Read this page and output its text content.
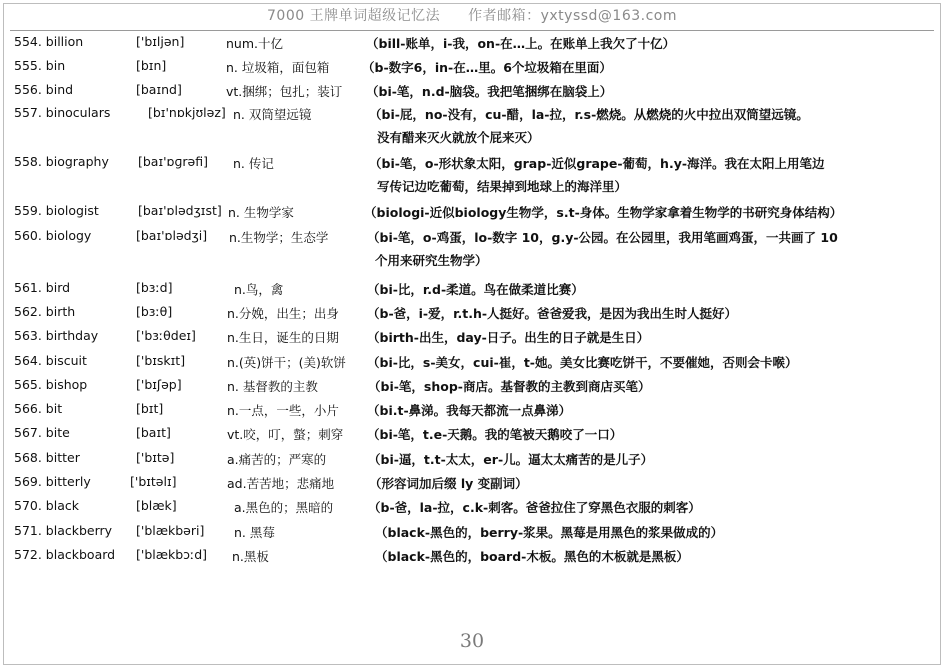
7000 王牌单词超级记忆法 作者邮箱：yxtyssd@163.com
554. billion	['bɪljən]	num.十亿	（bill-账单，i-我，on-在…上。在账单上我欠了十亿）
555. bin	[bɪn]	n. 垃圾箱，面包箱	（b-数字6，in-在…里。6个垃圾箱在里面）
556. bind	[baɪnd]	vt.捆绑；包扎；装订 （bi-笔，n.d-脑袋。我把笔捆绑在脑袋上）
557. binoculars	[bɪ'nɒkjʊləz] n. 双筒望远镜	（bi-屁，no-没有，cu-醋，la-拉，r.s-燃烧。从燃烧的火中拉出双筒望远镜。
没有醋来灭火就放个屁来灭）
558. biography [baɪ'ɒɡrəfi] n. 传记	（bi-笔，o-形状象太阳，grap-近似grape-葡萄，h.y-海洋。我在太阳上用笔边
写传记边吃葡萄，结果掉到地球上的海洋里）
559. biologist	[baɪ'ɒlədʒɪst] n. 生物学家	（biologi-近似biology生物学，s.t-身体。生物学家拿着生物学的书研究身体结构）
560. biology	[baɪ'ɒlədʒi] n.生物学；生态学	（bi-笔，o-鸡蛋，lo-数字 10，g.y-公园。在公园里，我用笔画鸡蛋，一共画了 10
个用来研究生物学）
561. bird	[bɜːd]	n.鸟，禽	（bi-比，r.d-柔道。鸟在做柔道比赛）
562. birth	[bɜːθ]	n.分娩，出生；出身 （b-爸，i-爱，r.t.h-人挺好。爸爸爱我，是因为我出生时人挺好）
563. birthday	['bɜːθdeɪ] n.生日，诞生的日期 （birth-出生，day-日子。出生的日子就是生日）
564. biscuit	['bɪskɪt]	n.(英)饼干；(美)软饼 （bi-比，s-美女，cui-崔，t-她。美女比赛吃饼干，不要催她，否则会卡喉）
565. bishop	['bɪʃəp]	n. 基督教的主教	（bi-笔，shop-商店。基督教的主教到商店买笔）
566. bit	[bɪt]	n.一点，一些，小片 （bi.t-鼻涕。我每天都流一点鼻涕）
567. bite	[baɪt]	vt.咬，叮，螫；刺穿 （bi-笔，t.e-天鹅。我的笔被天鹅咬了一口）
568. bitter	['bɪtə]	a.痛苦的；严寒的	（bi-逼，t.t-太太，er-儿。逼太太痛苦的是儿子）
569. bitterly	['bɪtəlɪ]	ad.苦苦地；悲痛地	（形容词加后缀 ly 变副词）
570. black	[blæk]	a.黑色的；黑暗的	（b-爸，la-拉，c.k-刺客。爸爸拉住了穿黑色衣服的刺客）
571. blackberry ['blækbəri] n. 黑莓	（black-黑色的，berry-浆果。黑莓是用黑色的浆果做成的）
572. blackboard ['blækbɔːd] n.黑板	（black-黑色的，board-木板。黑色的木板就是黑板）
30
